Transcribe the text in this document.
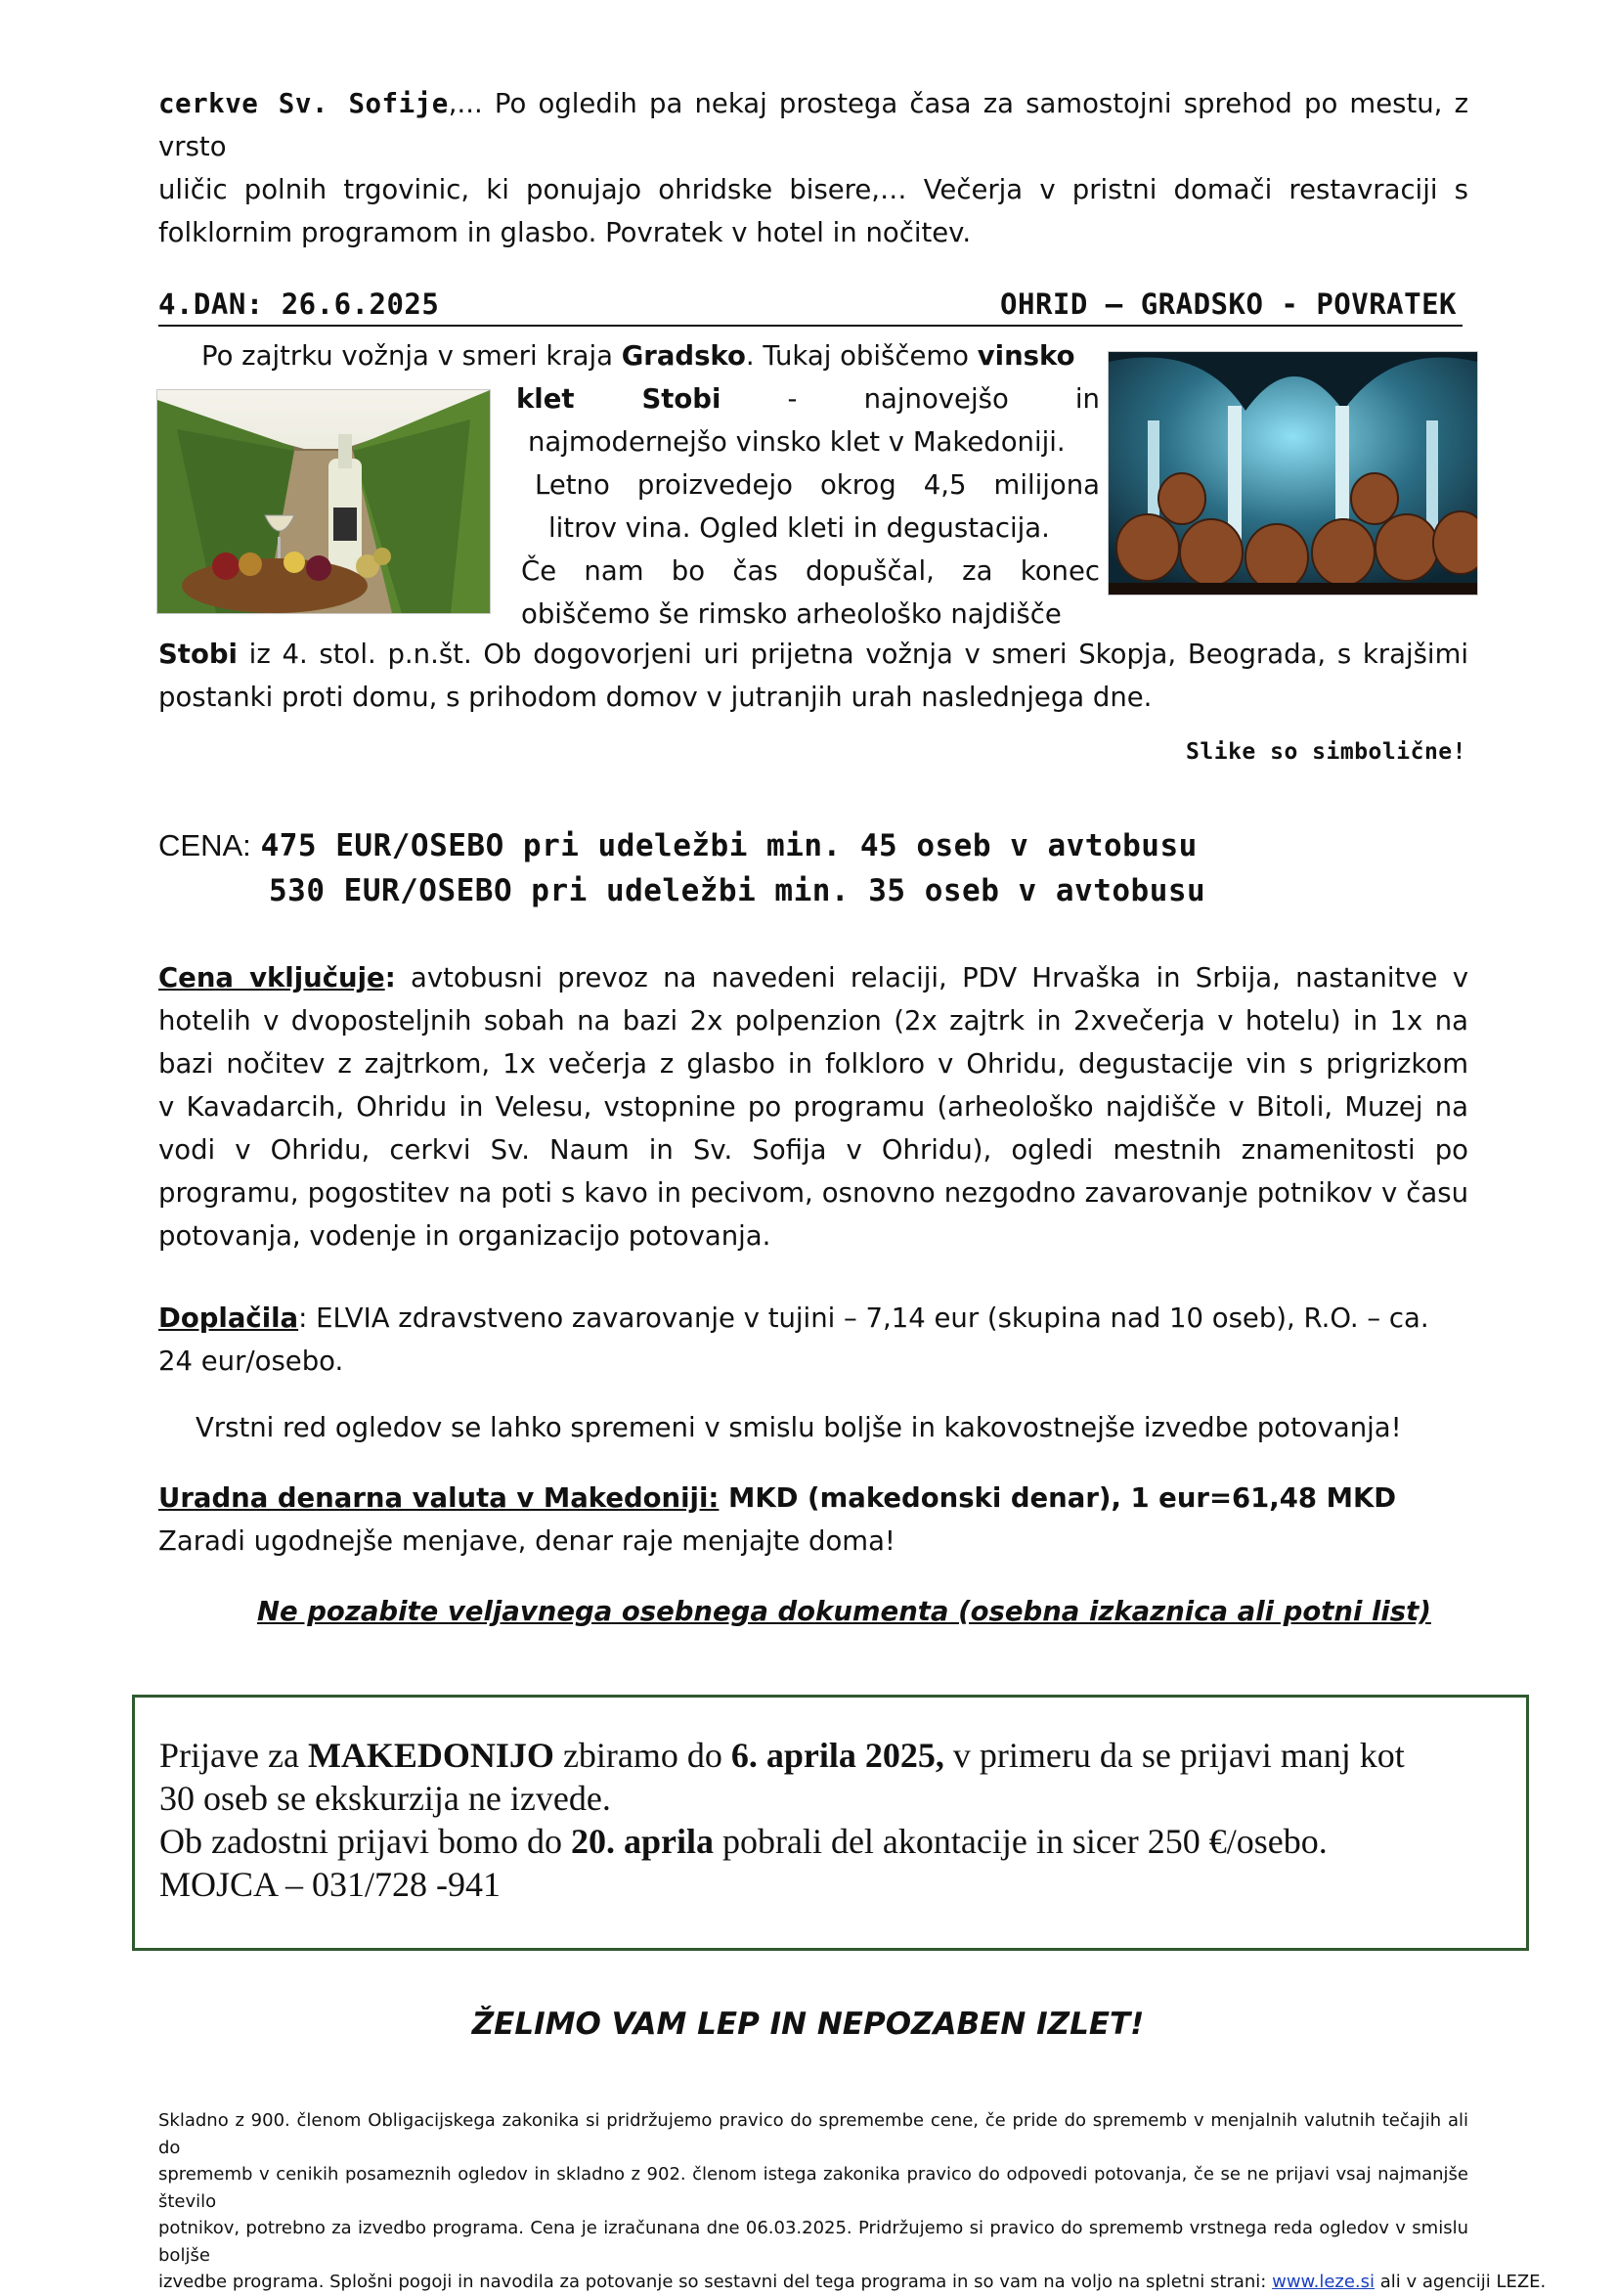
cerkve Sv. Sofije,... Po ogledih pa nekaj prostega časa za samostojni sprehod po mestu, z vrsto
uličic polnih trgovinic, ki ponujajo ohridske bisere,… Večerja v pristni domači restavraciji s
folklornim programom in glasbo. Povratek v hotel in nočitev.
4.DAN: 26.6.2025	OHRID – GRADSKO - POVRATEK
Po zajtrku vožnja v smeri kraja Gradsko. Tukaj obiščemo vinsko
klet Stobi - najnovejšo in
najmodernejšo vinsko klet v Makedoniji.
Letno proizvedejo okrog 4,5 milijona
litrov vina. Ogled kleti in degustacija.
Če nam bo čas dopuščal, za konec
obiščemo še rimsko arheološko najdišče
Stobi iz 4. stol. p.n.št. Ob dogovorjeni uri prijetna vožnja v smeri Skopja, Beograda, s krajšimi
postanki proti domu, s prihodom domov v jutranjih urah naslednjega dne.
Slike so simbolične!
CENA: 475 EUR/OSEBO pri udeležbi min. 45 oseb v avtobusu
530 EUR/OSEBO pri udeležbi min. 35 oseb v avtobusu
Cena vključuje: avtobusni prevoz na navedeni relaciji, PDV Hrvaška in Srbija, nastanitve v
hotelih v dvoposteljnih sobah na bazi 2x polpenzion (2x zajtrk in 2xvečerja v hotelu) in 1x na
bazi nočitev z zajtrkom, 1x večerja z glasbo in folkloro v Ohridu, degustacije vin s prigrizkom
v Kavadarcih, Ohridu in Velesu, vstopnine po programu (arheološko najdišče v Bitoli, Muzej na
vodi v Ohridu, cerkvi Sv. Naum in Sv. Sofija v Ohridu), ogledi mestnih znamenitosti po
programu, pogostitev na poti s kavo in pecivom, osnovno nezgodno zavarovanje potnikov v času
potovanja, vodenje in organizacijo potovanja.
Doplačila: ELVIA zdravstveno zavarovanje v tujini – 7,14 eur (skupina nad 10 oseb), R.O. – ca.
24 eur/osebo.
Vrstni red ogledov se lahko spremeni v smislu boljše in kakovostnejše izvedbe potovanja!
Uradna denarna valuta v Makedoniji: MKD (makedonski denar), 1 eur=61,48 MKD
Zaradi ugodnejše menjave, denar raje menjajte doma!
Ne pozabite veljavnega osebnega dokumenta (osebna izkaznica ali potni list)
Prijave za MAKEDONIJO zbiramo do 6. aprila 2025, v primeru da se prijavi manj kot
30 oseb se ekskurzija ne izvede.
Ob zadostni prijavi bomo do 20. aprila pobrali del akontacije in sicer 250 €/osebo.
MOJCA – 031/728 -941
ŽELIMO VAM LEP IN NEPOZABEN IZLET!
Skladno z 900. členom Obligacijskega zakonika si pridržujemo pravico do spremembe cene, če pride do sprememb v menjalnih valutnih tečajih ali do
sprememb v cenikih posameznih ogledov in skladno z 902. členom istega zakonika pravico do odpovedi potovanja, če se ne prijavi vsaj najmanjše število
potnikov, potrebno za izvedbo programa. Cena je izračunana dne 06.03.2025. Pridržujemo si pravico do sprememb vrstnega reda ogledov v smislu boljše
izvedbe programa. Splošni pogoji in navodila za potovanje so sestavni del tega programa in so vam na voljo na spletni strani: www.leze.si ali v agenciji LEZE.
